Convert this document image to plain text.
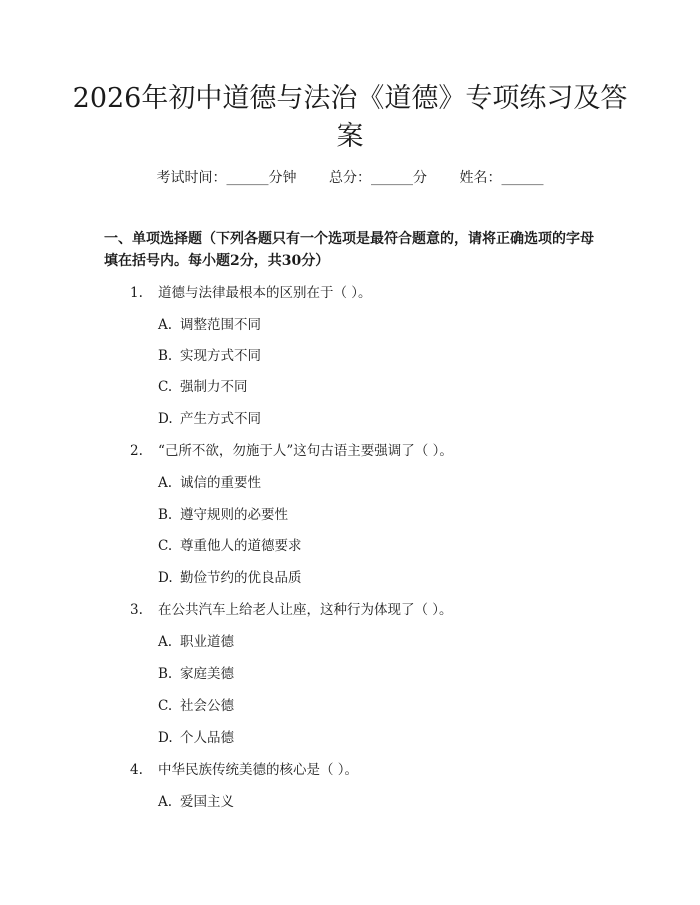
2026年初中道德与法治《道德》专项练习及答案
考试时间：______分钟 总分：______分 姓名：______

一、单项选择题（下列各题只有一个选项是最符合题意的，请将正确选项的字母填在括号内。每小题2分，共30分）

1. 道德与法律最根本的区别在于（ ）。
A. 调整范围不同
B. 实现方式不同
C. 强制力不同
D. 产生方式不同
2. “己所不欲，勿施于人”这句古语主要强调了（ ）。
A. 诚信的重要性
B. 遵守规则的必要性
C. 尊重他人的道德要求
D. 勤俭节约的优良品质
3. 在公共汽车上给老人让座，这种行为体现了（ ）。
A. 职业道德
B. 家庭美德
C. 社会公德
D. 个人品德
4. 中华民族传统美德的核心是（ ）。
A. 爱国主义
